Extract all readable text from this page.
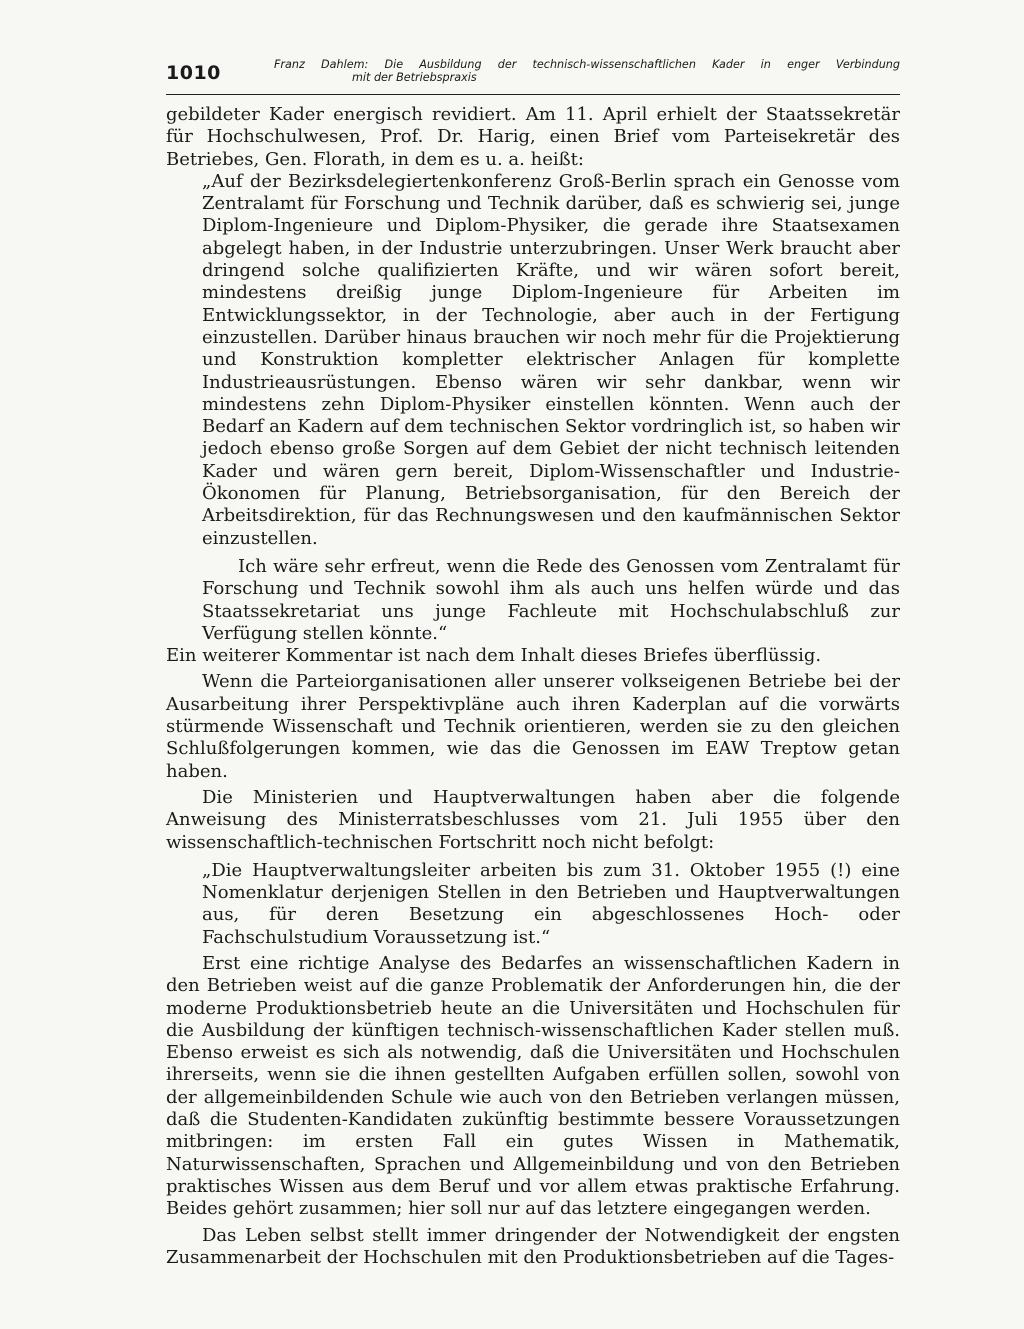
1010	Franz Dahlem: Die Ausbildung der technisch-wissenschaftlichen Kader in enger Verbindung
mit der Betriebspraxis

gebildeter Kader energisch revidiert. Am 11. April erhielt der Staatssekretär für Hochschulwesen, Prof. Dr. Harig, einen Brief vom Parteisekretär des Betriebes, Gen. Florath, in dem es u. a. heißt:

„Auf der Bezirksdelegiertenkonferenz Groß-Berlin sprach ein Genosse vom Zentralamt für Forschung und Technik darüber, daß es schwierig sei, junge Diplom-Ingenieure und Diplom-Physiker, die gerade ihre Staatsexamen abgelegt haben, in der Industrie unterzubringen. Unser Werk braucht aber dringend solche qualifizierten Kräfte, und wir wären sofort bereit, mindestens dreißig junge Diplom-Ingenieure für Arbeiten im Entwicklungssektor, in der Technologie, aber auch in der Fertigung einzustellen. Darüber hinaus brauchen wir noch mehr für die Projektierung und Konstruktion kompletter elektrischer Anlagen für komplette Industrieausrüstungen. Ebenso wären wir sehr dankbar, wenn wir mindestens zehn Diplom-Physiker einstellen könnten. Wenn auch der Bedarf an Kadern auf dem technischen Sektor vordringlich ist, so haben wir jedoch ebenso große Sorgen auf dem Gebiet der nicht technisch leitenden Kader und wären gern bereit, Diplom-Wissenschaftler und Industrie-Ökonomen für Planung, Betriebsorganisation, für den Bereich der Arbeitsdirektion, für das Rechnungswesen und den kaufmännischen Sektor einzustellen.

Ich wäre sehr erfreut, wenn die Rede des Genossen vom Zentralamt für Forschung und Technik sowohl ihm als auch uns helfen würde und das Staatssekretariat uns junge Fachleute mit Hochschulabschluß zur Verfügung stellen könnte.“

Ein weiterer Kommentar ist nach dem Inhalt dieses Briefes überflüssig.

Wenn die Parteiorganisationen aller unserer volkseigenen Betriebe bei der Ausarbeitung ihrer Perspektivpläne auch ihren Kaderplan auf die vorwärts stürmende Wissenschaft und Technik orientieren, werden sie zu den gleichen Schlußfolgerungen kommen, wie das die Genossen im EAW Treptow getan haben.

Die Ministerien und Hauptverwaltungen haben aber die folgende Anweisung des Ministerratsbeschlusses vom 21. Juli 1955 über den wissenschaftlich-technischen Fortschritt noch nicht befolgt:

„Die Hauptverwaltungsleiter arbeiten bis zum 31. Oktober 1955 (!) eine Nomenklatur derjenigen Stellen in den Betrieben und Hauptverwaltungen aus, für deren Besetzung ein abgeschlossenes Hoch- oder Fachschulstudium Voraussetzung ist.“

Erst eine richtige Analyse des Bedarfes an wissenschaftlichen Kadern in den Betrieben weist auf die ganze Problematik der Anforderungen hin, die der moderne Produktionsbetrieb heute an die Universitäten und Hochschulen für die Ausbildung der künftigen technisch-wissenschaftlichen Kader stellen muß. Ebenso erweist es sich als notwendig, daß die Universitäten und Hochschulen ihrerseits, wenn sie die ihnen gestellten Aufgaben erfüllen sollen, sowohl von der allgemeinbildenden Schule wie auch von den Betrieben verlangen müssen, daß die Studenten-Kandidaten zukünftig bestimmte bessere Voraussetzungen mitbringen: im ersten Fall ein gutes Wissen in Mathematik, Naturwissenschaften, Sprachen und Allgemeinbildung und von den Betrieben praktisches Wissen aus dem Beruf und vor allem etwas praktische Erfahrung. Beides gehört zusammen; hier soll nur auf das letztere eingegangen werden.

Das Leben selbst stellt immer dringender der Notwendigkeit der engsten Zusammenarbeit der Hochschulen mit den Produktionsbetrieben auf die Tages-
